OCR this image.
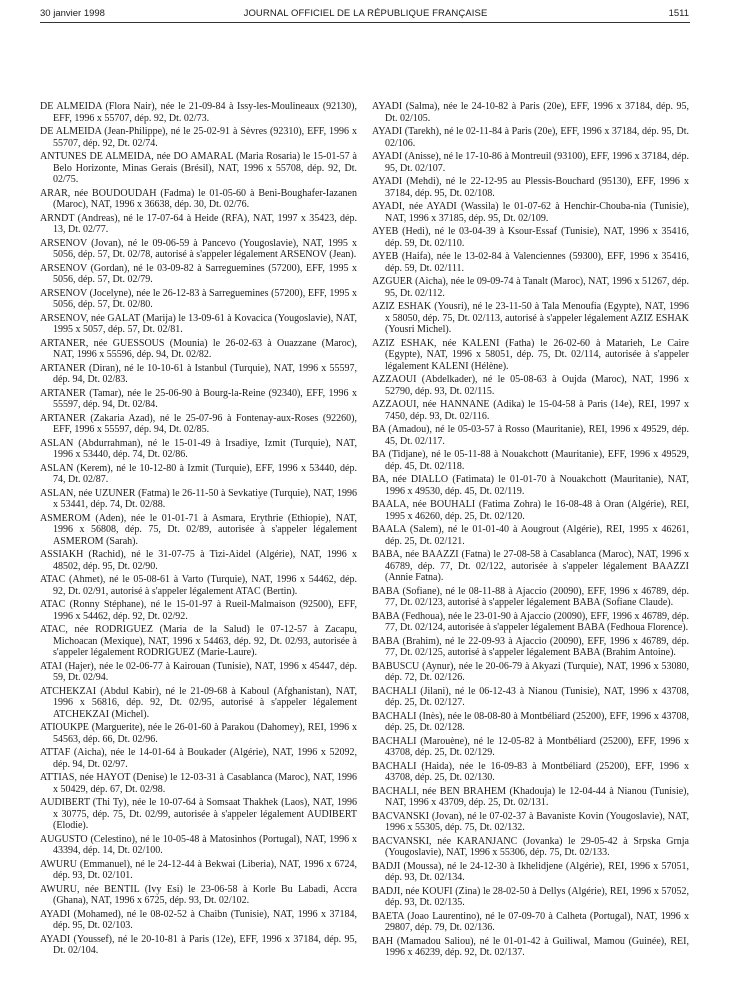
30 janvier 1998	JOURNAL OFFICIEL DE LA RÉPUBLIQUE FRANÇAISE	1511

DE ALMEIDA (Flora Nair), née le 21-09-84 à Issy-les-Moulineaux (92130), EFF, 1996 x 55707, dép. 92, Dt. 02/73.

DE ALMEIDA (Jean-Philippe), né le 25-02-91 à Sèvres (92310), EFF, 1996 x 55707, dép. 92, Dt. 02/74.

ANTUNES DE ALMEIDA, née DO AMARAL (Maria Rosaria) le 15-01-57 à Belo Horizonte, Minas Gerais (Brésil), NAT, 1996 x 55708, dép. 92, Dt. 02/75.

ARAR, née BOUDOUDAH (Fadma) le 01-05-60 à Beni-Boughafer-Iazanen (Maroc), NAT, 1996 x 36638, dép. 30, Dt. 02/76.

ARNDT (Andreas), né le 17-07-64 à Heide (RFA), NAT, 1997 x 35423, dép. 13, Dt. 02/77.

ARSENOV (Jovan), né le 09-06-59 à Pancevo (Yougoslavie), NAT, 1995 x 5056, dép. 57, Dt. 02/78, autorisé à s'appeler légalement ARSENOV (Jean).

ARSENOV (Gordan), né le 03-09-82 à Sarreguemines (57200), EFF, 1995 x 5056, dép. 57, Dt. 02/79.

ARSENOV (Jocelyne), née le 26-12-83 à Sarreguemines (57200), EFF, 1995 x 5056, dép. 57, Dt. 02/80.

ARSENOV, née GALAT (Marija) le 13-09-61 à Kovacica (Yougoslavie), NAT, 1995 x 5057, dép. 57, Dt. 02/81.

ARTANER, née GUESSOUS (Mounia) le 26-02-63 à Ouazzane (Maroc), NAT, 1996 x 55596, dép. 94, Dt. 02/82.

ARTANER (Diran), né le 10-10-61 à Istanbul (Turquie), NAT, 1996 x 55597, dép. 94, Dt. 02/83.

ARTANER (Tamar), née le 25-06-90 à Bourg-la-Reine (92340), EFF, 1996 x 55597, dép. 94, Dt. 02/84.

ARTANER (Zakaria Azad), né le 25-07-96 à Fontenay-aux-Roses (92260), EFF, 1996 x 55597, dép. 94, Dt. 02/85.

ASLAN (Abdurrahman), né le 15-01-49 à Irsadiye, Izmit (Turquie), NAT, 1996 x 53440, dép. 74, Dt. 02/86.

ASLAN (Kerem), né le 10-12-80 à Izmit (Turquie), EFF, 1996 x 53440, dép. 74, Dt. 02/87.

ASLAN, née UZUNER (Fatma) le 26-11-50 à Sevkatiye (Turquie), NAT, 1996 x 53441, dép. 74, Dt. 02/88.

ASMEROM (Aden), née le 01-01-71 à Asmara, Erythrie (Ethiopie), NAT, 1996 x 56808, dép. 75, Dt. 02/89, autorisée à s'appeler légalement ASMEROM (Sarah).

ASSIAKH (Rachid), né le 31-07-75 à Tizi-Aidel (Algérie), NAT, 1996 x 48502, dép. 95, Dt. 02/90.

ATAC (Ahmet), né le 05-08-61 à Varto (Turquie), NAT, 1996 x 54462, dép. 92, Dt. 02/91, autorisé à s'appeler légalement ATAC (Bertin).

ATAC (Ronny Stéphane), né le 15-01-97 à Rueil-Malmaison (92500), EFF, 1996 x 54462, dép. 92, Dt. 02/92.

ATAC, née RODRIGUEZ (Maria de la Salud) le 07-12-57 à Zacapu, Michoacan (Mexique), NAT, 1996 x 54463, dép. 92, Dt. 02/93, autorisée à s'appeler légalement RODRIGUEZ (Marie-Laure).

ATAI (Hajer), née le 02-06-77 à Kairouan (Tunisie), NAT, 1996 x 45447, dép. 59, Dt. 02/94.

ATCHEKZAI (Abdul Kabir), né le 21-09-68 à Kaboul (Afghanistan), NAT, 1996 x 56816, dép. 92, Dt. 02/95, autorisé à s'appeler légalement ATCHEKZAI (Michel).

ATIOUKPE (Marguerite), née le 26-01-60 à Parakou (Dahomey), REI, 1996 x 54563, dép. 66, Dt. 02/96.

ATTAF (Aicha), née le 14-01-64 à Boukader (Algérie), NAT, 1996 x 52092, dép. 94, Dt. 02/97.

ATTIAS, née HAYOT (Denise) le 12-03-31 à Casablanca (Maroc), NAT, 1996 x 50429, dép. 67, Dt. 02/98.

AUDIBERT (Thi Ty), née le 10-07-64 à Somsaat Thakhek (Laos), NAT, 1996 x 30775, dép. 75, Dt. 02/99, autorisée à s'appeler légalement AUDIBERT (Elodie).

AUGUSTO (Celestino), né le 10-05-48 à Matosinhos (Portugal), NAT, 1996 x 43394, dép. 14, Dt. 02/100.

AWURU (Emmanuel), né le 24-12-44 à Bekwai (Liberia), NAT, 1996 x 6724, dép. 93, Dt. 02/101.

AWURU, née BENTIL (Ivy Esi) le 23-06-58 à Korle Bu Labadi, Accra (Ghana), NAT, 1996 x 6725, dép. 93, Dt. 02/102.

AYADI (Mohamed), né le 08-02-52 à Chaibn (Tunisie), NAT, 1996 x 37184, dép. 95, Dt. 02/103.

AYADI (Youssef), né le 20-10-81 à Paris (12e), EFF, 1996 x 37184, dép. 95, Dt. 02/104.

AYADI (Salma), née le 24-10-82 à Paris (20e), EFF, 1996 x 37184, dép. 95, Dt. 02/105.

AYADI (Tarekh), né le 02-11-84 à Paris (20e), EFF, 1996 x 37184, dép. 95, Dt. 02/106.

AYADI (Anisse), né le 17-10-86 à Montreuil (93100), EFF, 1996 x 37184, dép. 95, Dt. 02/107.

AYADI (Mehdi), né le 22-12-95 au Plessis-Bouchard (95130), EFF, 1996 x 37184, dép. 95, Dt. 02/108.

AYADI, née AYADI (Wassila) le 01-07-62 à Henchir-Chouba-nia (Tunisie), NAT, 1996 x 37185, dép. 95, Dt. 02/109.

AYEB (Hedi), né le 03-04-39 à Ksour-Essaf (Tunisie), NAT, 1996 x 35416, dép. 59, Dt. 02/110.

AYEB (Haifa), née le 13-02-84 à Valenciennes (59300), EFF, 1996 x 35416, dép. 59, Dt. 02/111.

AZGUER (Aicha), née le 09-09-74 à Tanalt (Maroc), NAT, 1996 x 51267, dép. 95, Dt. 02/112.

AZIZ ESHAK (Yousri), né le 23-11-50 à Tala Menoufia (Egypte), NAT, 1996 x 58050, dép. 75, Dt. 02/113, autorisé à s'appeler légalement AZIZ ESHAK (Yousri Michel).

AZIZ ESHAK, née KALENI (Fatha) le 26-02-60 à Matarieh, Le Caire (Egypte), NAT, 1996 x 58051, dép. 75, Dt. 02/114, autorisée à s'appeler légalement KALENI (Hélène).

AZZAOUI (Abdelkader), né le 05-08-63 à Oujda (Maroc), NAT, 1996 x 52790, dép. 93, Dt. 02/115.

AZZAOUI, née HANNANE (Adika) le 15-04-58 à Paris (14e), REI, 1997 x 7450, dép. 93, Dt. 02/116.

BA (Amadou), né le 05-03-57 à Rosso (Mauritanie), REI, 1996 x 49529, dép. 45, Dt. 02/117.

BA (Tidjane), né le 05-11-88 à Nouakchott (Mauritanie), EFF, 1996 x 49529, dép. 45, Dt. 02/118.

BA, née DIALLO (Fatimata) le 01-01-70 à Nouakchott (Mauritanie), NAT, 1996 x 49530, dép. 45, Dt. 02/119.

BAALA, née BOUHALI (Fatima Zohra) le 16-08-48 à Oran (Algérie), REI, 1995 x 46260, dép. 25, Dt. 02/120.

BAALA (Salem), né le 01-01-40 à Aougrout (Algérie), REI, 1995 x 46261, dép. 25, Dt. 02/121.

BABA, née BAAZZI (Fatna) le 27-08-58 à Casablanca (Maroc), NAT, 1996 x 46789, dép. 77, Dt. 02/122, autorisée à s'appeler légalement BAAZZI (Annie Fatna).

BABA (Sofiane), né le 08-11-88 à Ajaccio (20090), EFF, 1996 x 46789, dép. 77, Dt. 02/123, autorisé à s'appeler légalement BABA (Sofiane Claude).

BABA (Fedhoua), née le 23-01-90 à Ajaccio (20090), EFF, 1996 x 46789, dép. 77, Dt. 02/124, autorisée à s'appeler légalement BABA (Fedhoua Florence).

BABA (Brahim), né le 22-09-93 à Ajaccio (20090), EFF, 1996 x 46789, dép. 77, Dt. 02/125, autorisé à s'appeler légalement BABA (Brahim Antoine).

BABUSCU (Aynur), née le 20-06-79 à Akyazi (Turquie), NAT, 1996 x 53080, dép. 72, Dt. 02/126.

BACHALI (Jilani), né le 06-12-43 à Nianou (Tunisie), NAT, 1996 x 43708, dép. 25, Dt. 02/127.

BACHALI (Inès), née le 08-08-80 à Montbéliard (25200), EFF, 1996 x 43708, dép. 25, Dt. 02/128.

BACHALI (Marouène), né le 12-05-82 à Montbéliard (25200), EFF, 1996 x 43708, dép. 25, Dt. 02/129.

BACHALI (Haida), née le 16-09-83 à Montbéliard (25200), EFF, 1996 x 43708, dép. 25, Dt. 02/130.

BACHALI, née BEN BRAHEM (Khadouja) le 12-04-44 à Nianou (Tunisie), NAT, 1996 x 43709, dép. 25, Dt. 02/131.

BACVANSKI (Jovan), né le 07-02-37 à Bavaniste Kovin (Yougoslavie), NAT, 1996 x 55305, dép. 75, Dt. 02/132.

BACVANSKI, née KARANJANC (Jovanka) le 29-05-42 à Srpska Grnja (Yougoslavie), NAT, 1996 x 55306, dép. 75, Dt. 02/133.

BADJI (Moussa), né le 24-12-30 à Ikhelidjene (Algérie), REI, 1996 x 57051, dép. 93, Dt. 02/134.

BADJI, née KOUFI (Zina) le 28-02-50 à Dellys (Algérie), REI, 1996 x 57052, dép. 93, Dt. 02/135.

BAETA (Joao Laurentino), né le 07-09-70 à Calheta (Portugal), NAT, 1996 x 29807, dép. 79, Dt. 02/136.

BAH (Mamadou Saliou), né le 01-01-42 à Guiliwal, Mamou (Guinée), REI, 1996 x 46239, dép. 92, Dt. 02/137.
